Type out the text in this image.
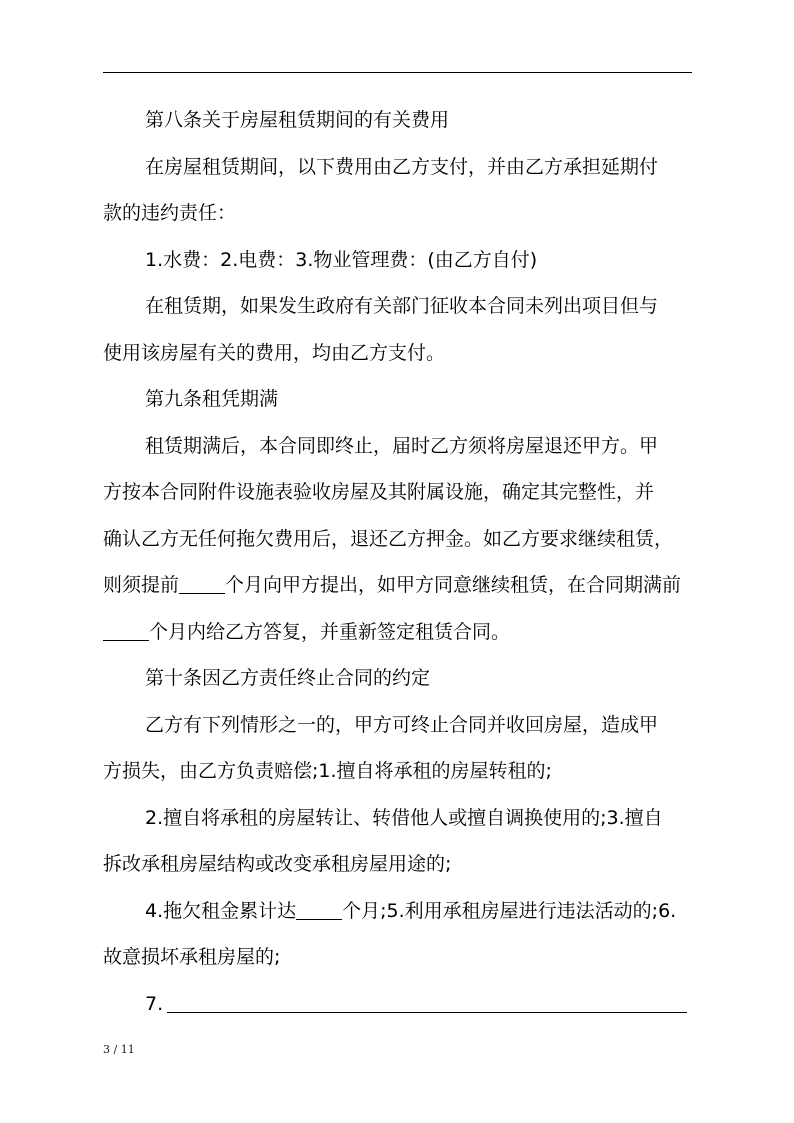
第八条关于房屋租赁期间的有关费用

在房屋租赁期间，以下费用由乙方支付，并由乙方承担延期付

款的违约责任：

1.水费：2.电费：3.物业管理费：(由乙方自付)

在租赁期，如果发生政府有关部门征收本合同未列出项目但与

使用该房屋有关的费用，均由乙方支付。

第九条租凭期满

租赁期满后，本合同即终止，届时乙方须将房屋退还甲方。甲

方按本合同附件设施表验收房屋及其附属设施，确定其完整性，并

确认乙方无任何拖欠费用后，退还乙方押金。如乙方要求继续租赁，

则须提前 个月向甲方提出，如甲方同意继续租赁，在合同期满前

个月内给乙方答复，并重新签定租赁合同。

第十条因乙方责任终止合同的约定

乙方有下列情形之一的，甲方可终止合同并收回房屋，造成甲

方损失，由乙方负责赔偿;1.擅自将承租的房屋转租的;

2.擅自将承租的房屋转让、转借他人或擅自调换使用的;3.擅自

拆改承租房屋结构或改变承租房屋用途的;

4.拖欠租金累计达 个月;5.利用承租房屋进行违法活动的;6.

故意损坏承租房屋的;

7.

3 / 11
